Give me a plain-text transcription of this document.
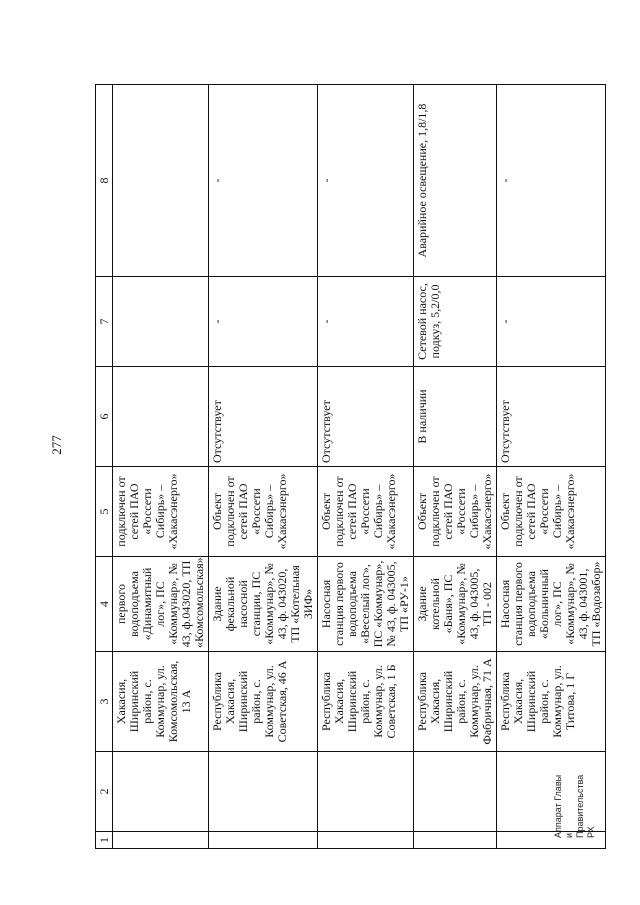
277
Аппарат Главы и Правительства РХ
1	2	3	4	5	6	7	8
		Хакасия, Ширинский район, с. Коммунар, ул. Комсомольская, 13 А	первого водоподъема «Динамитный лог», ПС «Коммунар», № 43, ф.043020, ТП «Комсомольская»	подключен от сетей ПАО «Россети Сибирь» – «Хакасэнерго»			
		Республика Хакасия, Ширинский район, с. Коммунар, ул. Советская, 46 А	Здание фекальной насосной станции, ПС «Коммунар», № 43, ф. 043020, ТП «Котельная ЗИФ»	Объект подключен от сетей ПАО «Россети Сибирь» – «Хакасэнерго»	Отсутствует	-	-
		Республика Хакасия, Ширинский район, с. Коммунар, ул. Советская, 1 Б	Насосная станция первого водоподъема «Веселый лог», ПС «Коммунар», № 43, ф. 043005, ТП «РУ-1»	Объект подключен от сетей ПАО «Россети Сибирь» – «Хакасэнерго»	Отсутствует	-	-
		Республика Хакасия, Ширинский район, с. Коммунар, ул. Фабричная, 71 А	Здание котельной «Баня», ПС «Коммунар», № 43, ф. 043005, ТП - 002	Объект подключен от сетей ПАО «Россети Сибирь» – «Хакасэнерго»	В наличии	Сетевой насос, подкуз, 5,2/0,0	Аварийное освещение, 1,8/1,8
		Республика Хакасия, Ширинский район, с. Коммунар, ул. Титова, 1 Г	Насосная станция первого водоподъема «Больничный лог», ПС «Коммунар», № 43, ф. 043001, ТП «Водозабор»	Объект подключен от сетей ПАО «Россети Сибирь» – «Хакасэнерго»	Отсутствует	-	-
